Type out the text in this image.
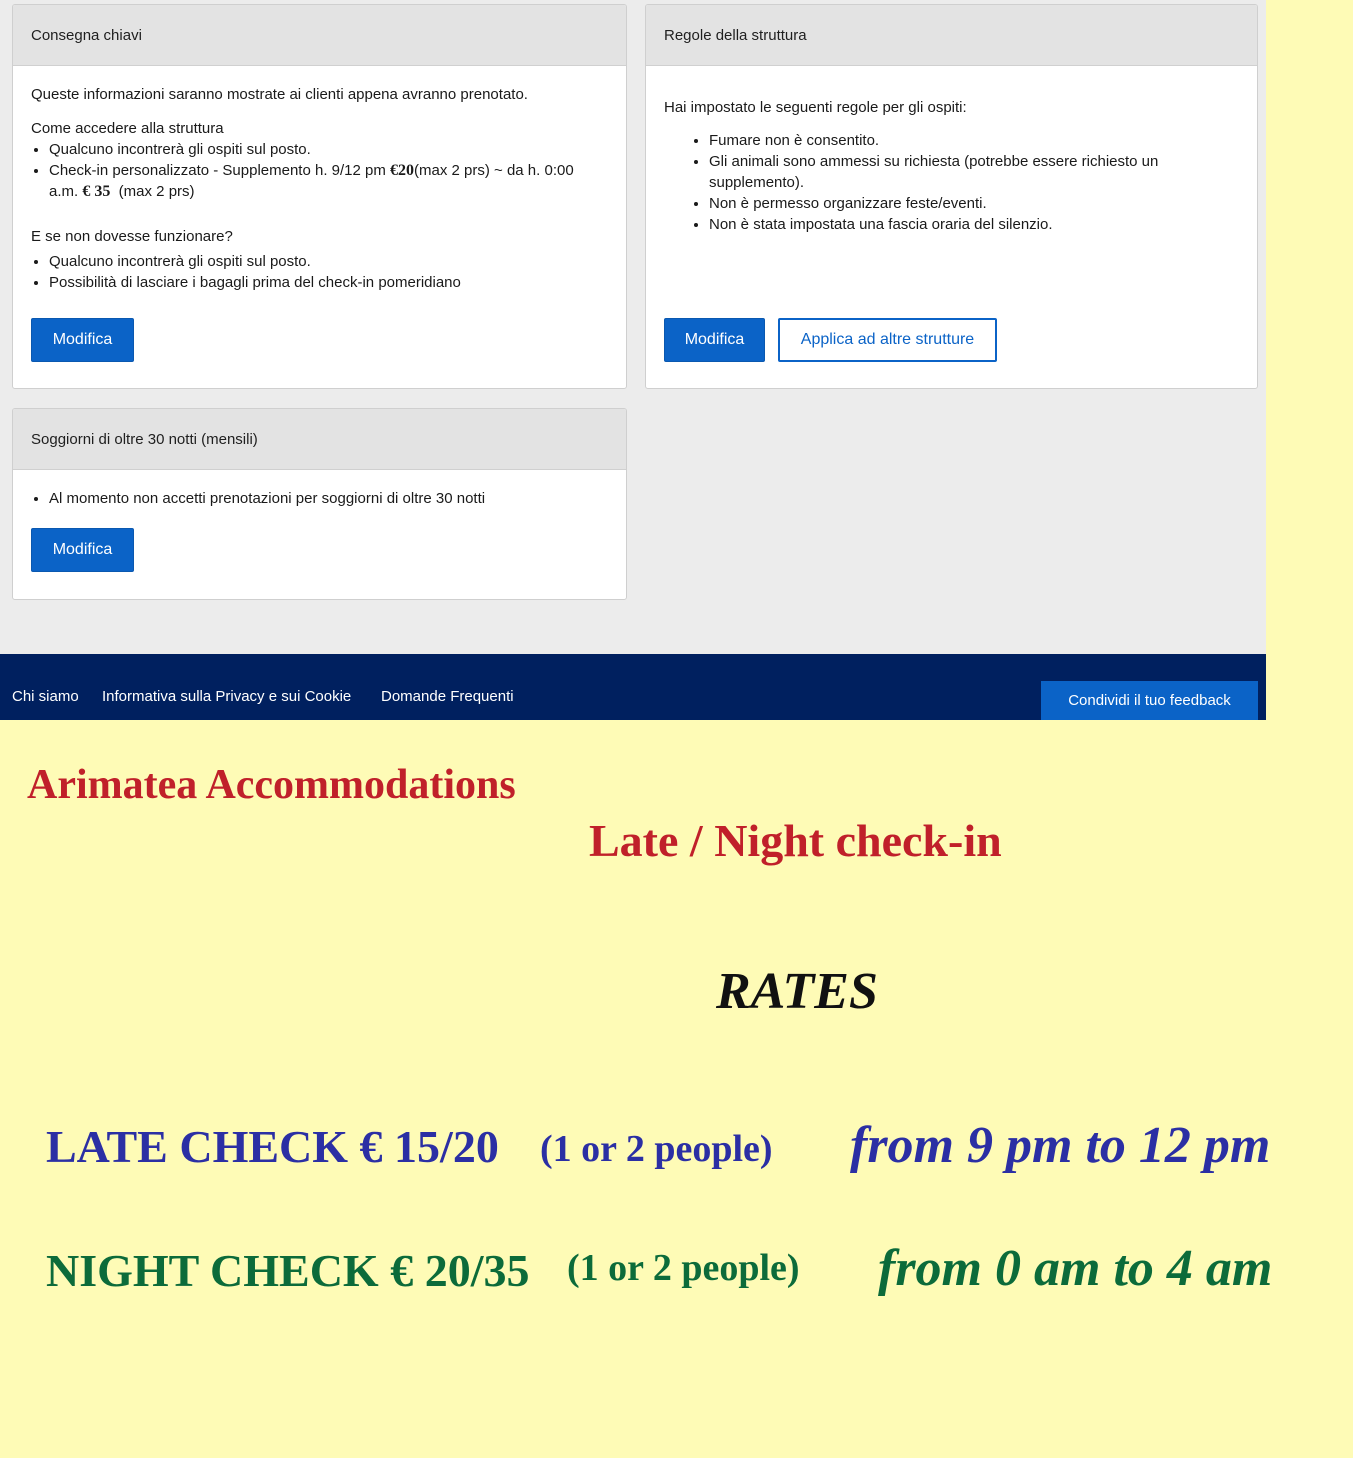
Consegna chiavi

Queste informazioni saranno mostrate ai clienti appena avranno prenotato.

Come accedere alla struttura

• Qualcuno incontrerà gli ospiti sul posto.
• Check-in personalizzato - Supplemento h. 9/12 pm €20(max 2 prs) ~ da h. 0:00
a.m. € 35  (max 2 prs)

E se non dovesse funzionare?

• Qualcuno incontrerà gli ospiti sul posto.
• Possibilità di lasciare i bagagli prima del check-in pomeridiano
Modifica
Regole della struttura

Hai impostato le seguenti regole per gli ospiti:

• Fumare non è consentito.
• Gli animali sono ammessi su richiesta (potrebbe essere richiesto un supplemento).
• Non è permesso organizzare feste/eventi.
• Non è stata impostata una fascia oraria del silenzio.
Modifica	Applica ad altre strutture
Soggiorni di oltre 30 notti (mensili)
• Al momento non accetti prenotazioni per soggiorni di oltre 30 notti
Modifica
Chi siamo Informativa sulla Privacy e sui Cookie Domande Frequenti	Condividi il tuo feedback
Arimatea Accommodations
Late / Night check-in
RATES
LATE CHECK € 15/20 (1 or 2 people) from 9 pm to 12 pm
NIGHT CHECK € 20/35 (1 or 2 people) from 0 am to 4 am
